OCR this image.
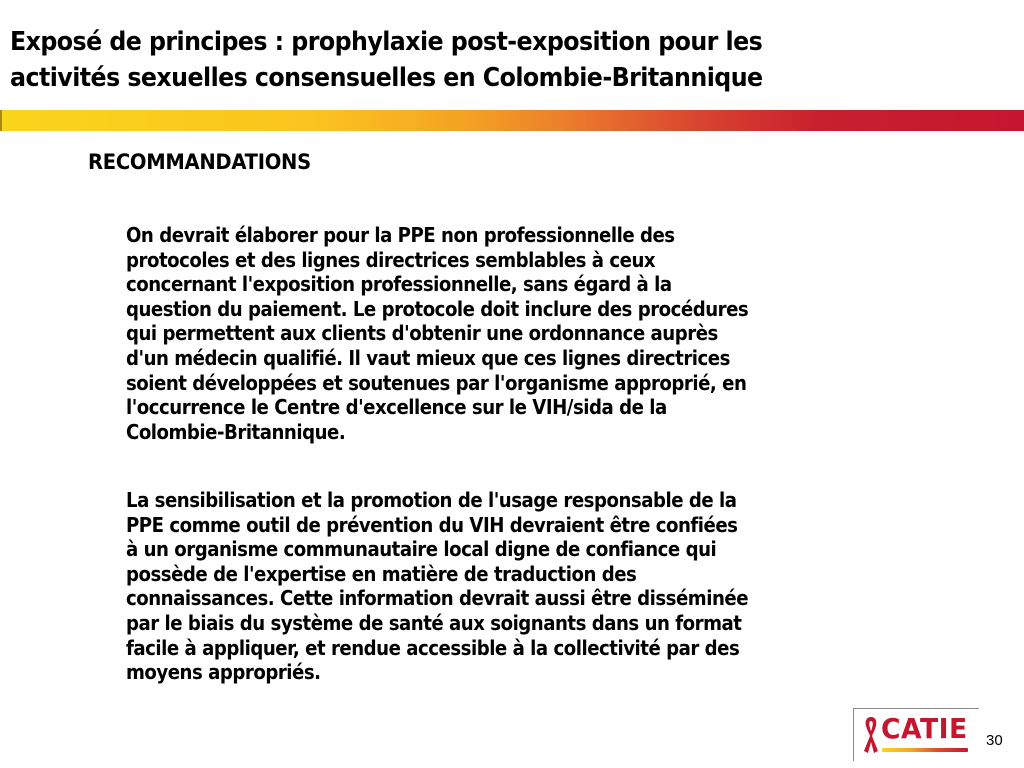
Exposé de principes : prophylaxie post-exposition pour les
activités sexuelles consensuelles en Colombie-Britannique
RECOMMANDATIONS

On devrait élaborer pour la PPE non professionnelle des
protocoles et des lignes directrices semblables à ceux
concernant l'exposition professionnelle, sans égard à la
question du paiement. Le protocole doit inclure des procédures
qui permettent aux clients d'obtenir une ordonnance auprès
d'un médecin qualifié. Il vaut mieux que ces lignes directrices
soient développées et soutenues par l'organisme approprié, en
l'occurrence le Centre d'excellence sur le VIH/sida de la
Colombie-Britannique.

La sensibilisation et la promotion de l'usage responsable de la
PPE comme outil de prévention du VIH devraient être confiées
à un organisme communautaire local digne de confiance qui
possède de l'expertise en matière de traduction des
connaissances. Cette information devrait aussi être disséminée
par le biais du système de santé aux soignants dans un format
facile à appliquer, et rendue accessible à la collectivité par des
moyens appropriés.

CATIE 30
